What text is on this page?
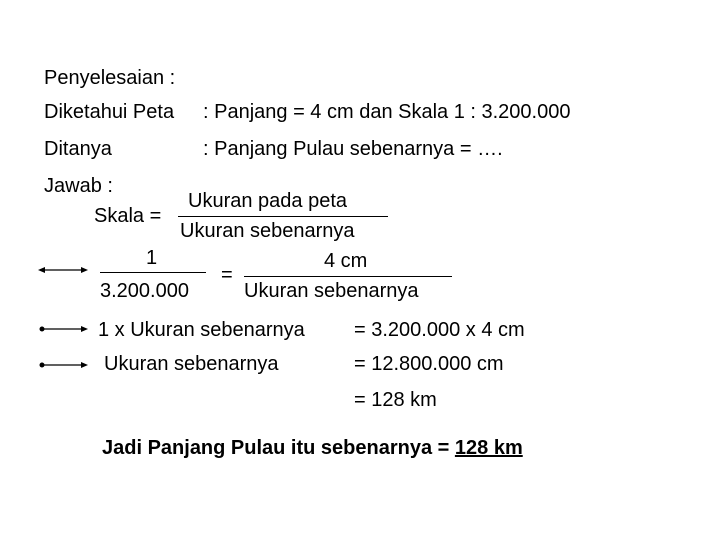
Penyelesaian :
Diketahui Peta : Panjang = 4 cm dan Skala 1 : 3.200.000
Ditanya	: Panjang Pulau sebenarnya = ….
Jawab :
Skala =
Ukuran pada peta
Ukuran sebenarnya
1
3.200.000
=
4 cm
Ukuran sebenarnya
1 x Ukuran sebenarnya = 3.200.000 x 4 cm
Ukuran sebenarnya	= 12.800.000 cm
= 128 km
Jadi Panjang Pulau itu sebenarnya = 128 km
